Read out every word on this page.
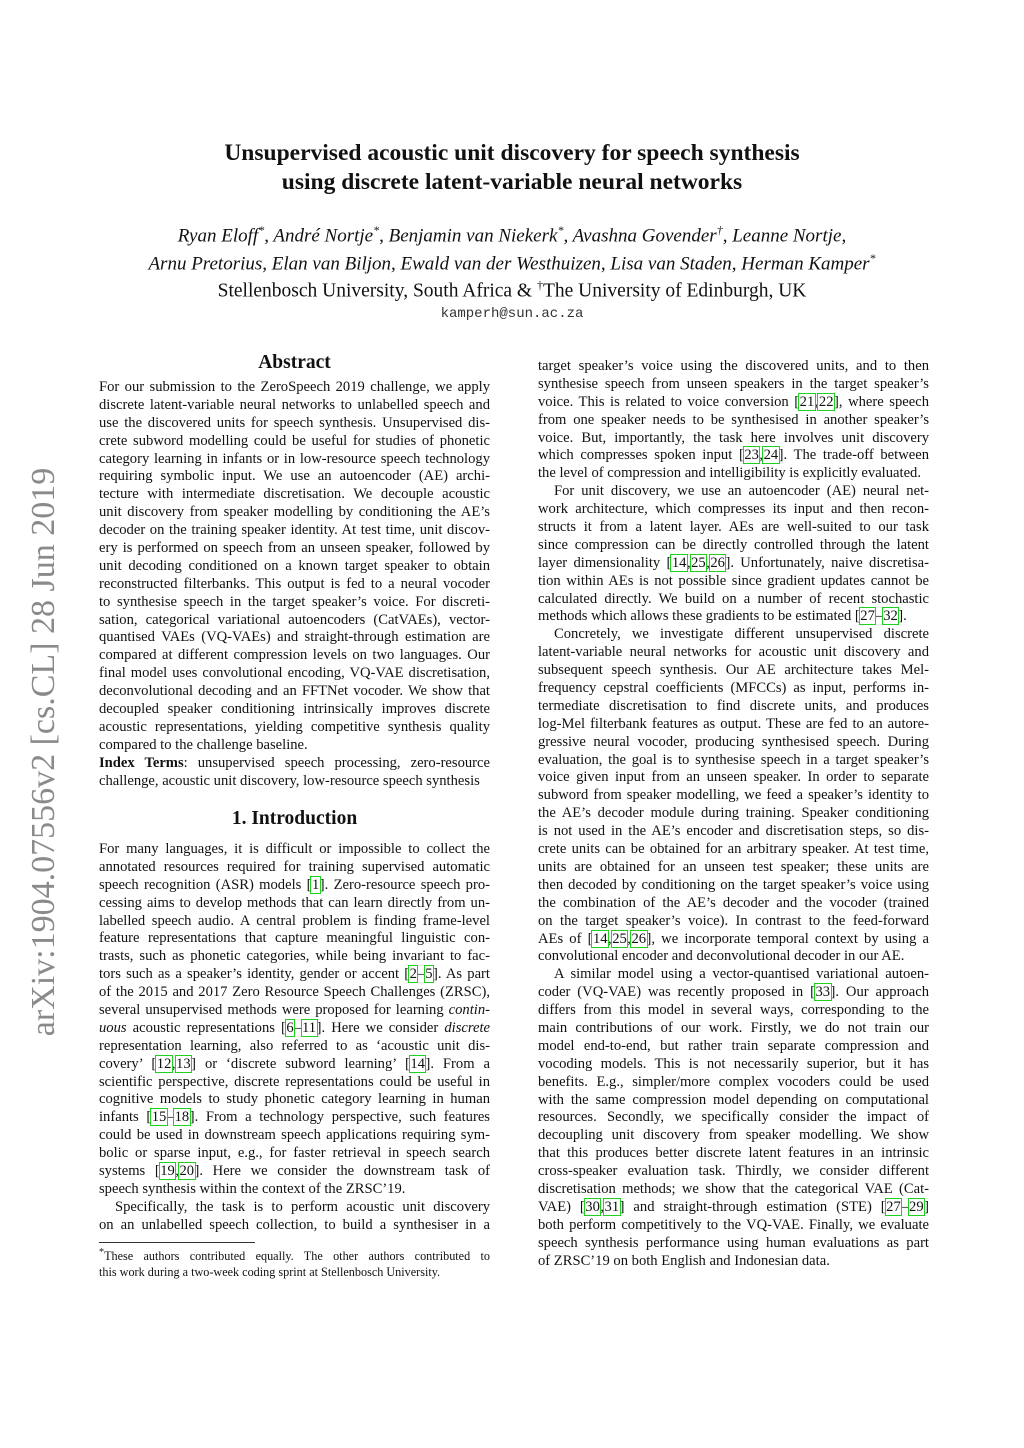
arXiv:1904.07556v2 [cs.CL] 28 Jun 2019
Unsupervised acoustic unit discovery for speech synthesis
using discrete latent-variable neural networks
Ryan Eloff*, André Nortje*, Benjamin van Niekerk*, Avashna Govender†, Leanne Nortje,
Arnu Pretorius, Elan van Biljon, Ewald van der Westhuizen, Lisa van Staden, Herman Kamper*
Stellenbosch University, South Africa & †The University of Edinburgh, UK
kamperh@sun.ac.za
Abstract
For our submission to the ZeroSpeech 2019 challenge, we apply
discrete latent-variable neural networks to unlabelled speech and
use the discovered units for speech synthesis. Unsupervised dis-
crete subword modelling could be useful for studies of phonetic
category learning in infants or in low-resource speech technology
requiring symbolic input. We use an autoencoder (AE) archi-
tecture with intermediate discretisation. We decouple acoustic
unit discovery from speaker modelling by conditioning the AE’s
decoder on the training speaker identity. At test time, unit discov-
ery is performed on speech from an unseen speaker, followed by
unit decoding conditioned on a known target speaker to obtain
reconstructed filterbanks. This output is fed to a neural vocoder
to synthesise speech in the target speaker’s voice. For discreti-
sation, categorical variational autoencoders (CatVAEs), vector-
quantised VAEs (VQ-VAEs) and straight-through estimation are
compared at different compression levels on two languages. Our
final model uses convolutional encoding, VQ-VAE discretisation,
deconvolutional decoding and an FFTNet vocoder. We show that
decoupled speaker conditioning intrinsically improves discrete
acoustic representations, yielding competitive synthesis quality
compared to the challenge baseline.
Index Terms: unsupervised speech processing, zero-resource
challenge, acoustic unit discovery, low-resource speech synthesis
1. Introduction
For many languages, it is difficult or impossible to collect the
annotated resources required for training supervised automatic
speech recognition (ASR) models [1]. Zero-resource speech pro-
cessing aims to develop methods that can learn directly from un-
labelled speech audio. A central problem is finding frame-level
feature representations that capture meaningful linguistic con-
trasts, such as phonetic categories, while being invariant to fac-
tors such as a speaker’s identity, gender or accent [2–5]. As part
of the 2015 and 2017 Zero Resource Speech Challenges (ZRSC),
several unsupervised methods were proposed for learning contin-
uous acoustic representations [6–11]. Here we consider discrete
representation learning, also referred to as ‘acoustic unit dis-
covery’ [12,13] or ‘discrete subword learning’ [14]. From a
scientific perspective, discrete representations could be useful in
cognitive models to study phonetic category learning in human
infants [15–18]. From a technology perspective, such features
could be used in downstream speech applications requiring sym-
bolic or sparse input, e.g., for faster retrieval in speech search
systems [19,20]. Here we consider the downstream task of
speech synthesis within the context of the ZRSC’19.
Specifically, the task is to perform acoustic unit discovery
on an unlabelled speech collection, to build a synthesiser in a
*These authors contributed equally. The other authors contributed to
this work during a two-week coding sprint at Stellenbosch University.
target speaker’s voice using the discovered units, and to then
synthesise speech from unseen speakers in the target speaker’s
voice. This is related to voice conversion [21,22], where speech
from one speaker needs to be synthesised in another speaker’s
voice. But, importantly, the task here involves unit discovery
which compresses spoken input [23,24]. The trade-off between
the level of compression and intelligibility is explicitly evaluated.
For unit discovery, we use an autoencoder (AE) neural net-
work architecture, which compresses its input and then recon-
structs it from a latent layer. AEs are well-suited to our task
since compression can be directly controlled through the latent
layer dimensionality [14,25,26]. Unfortunately, naive discretisa-
tion within AEs is not possible since gradient updates cannot be
calculated directly. We build on a number of recent stochastic
methods which allows these gradients to be estimated [27–32].
Concretely, we investigate different unsupervised discrete
latent-variable neural networks for acoustic unit discovery and
subsequent speech synthesis. Our AE architecture takes Mel-
frequency cepstral coefficients (MFCCs) as input, performs in-
termediate discretisation to find discrete units, and produces
log-Mel filterbank features as output. These are fed to an autore-
gressive neural vocoder, producing synthesised speech. During
evaluation, the goal is to synthesise speech in a target speaker’s
voice given input from an unseen speaker. In order to separate
subword from speaker modelling, we feed a speaker’s identity to
the AE’s decoder module during training. Speaker conditioning
is not used in the AE’s encoder and discretisation steps, so dis-
crete units can be obtained for an arbitrary speaker. At test time,
units are obtained for an unseen test speaker; these units are
then decoded by conditioning on the target speaker’s voice using
the combination of the AE’s decoder and the vocoder (trained
on the target speaker’s voice). In contrast to the feed-forward
AEs of [14,25,26], we incorporate temporal context by using a
convolutional encoder and deconvolutional decoder in our AE.
A similar model using a vector-quantised variational autoen-
coder (VQ-VAE) was recently proposed in [33]. Our approach
differs from this model in several ways, corresponding to the
main contributions of our work. Firstly, we do not train our
model end-to-end, but rather train separate compression and
vocoding models. This is not necessarily superior, but it has
benefits. E.g., simpler/more complex vocoders could be used
with the same compression model depending on computational
resources. Secondly, we specifically consider the impact of
decoupling unit discovery from speaker modelling. We show
that this produces better discrete latent features in an intrinsic
cross-speaker evaluation task. Thirdly, we consider different
discretisation methods; we show that the categorical VAE (Cat-
VAE) [30,31] and straight-through estimation (STE) [27–29]
both perform competitively to the VQ-VAE. Finally, we evaluate
speech synthesis performance using human evaluations as part
of ZRSC’19 on both English and Indonesian data.
